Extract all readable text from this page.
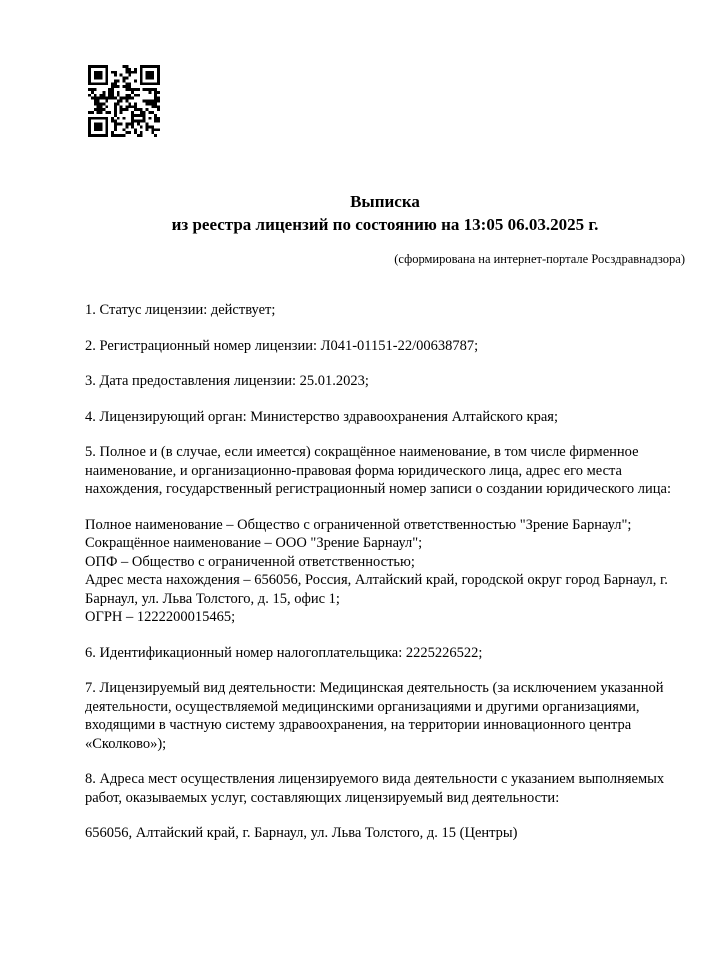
Выписка
из реестра лицензий по состоянию на 13:05 06.03.2025 г.
(сформирована на интернет-портале Росздравнадзора)
1. Статус лицензии: действует;
2. Регистрационный номер лицензии: Л041-01151-22/00638787;
3. Дата предоставления лицензии: 25.01.2023;
4. Лицензирующий орган: Министерство здравоохранения Алтайского края;
5. Полное и (в случае, если имеется) сокращённое наименование, в том числе фирменное наименование, и организационно-правовая форма юридического лица, адрес его места нахождения, государственный регистрационный номер записи о создании юридического лица:
Полное наименование – Общество с ограниченной ответственностью "Зрение Барнаул";
Сокращённое наименование – ООО "Зрение Барнаул";
ОПФ – Общество с ограниченной ответственностью;
Адрес места нахождения – 656056, Россия, Алтайский край, городской округ город Барнаул, г. Барнаул, ул. Льва Толстого, д. 15, офис 1;
ОГРН – 1222200015465;
6. Идентификационный номер налогоплательщика: 2225226522;
7. Лицензируемый вид деятельности: Медицинская деятельность (за исключением указанной деятельности, осуществляемой медицинскими организациями и другими организациями, входящими в частную систему здравоохранения, на территории инновационного центра «Сколково»);
8. Адреса мест осуществления лицензируемого вида деятельности с указанием выполняемых работ, оказываемых услуг, составляющих лицензируемый вид деятельности:
656056, Алтайский край, г. Барнаул, ул. Льва Толстого, д. 15 (Центры)
